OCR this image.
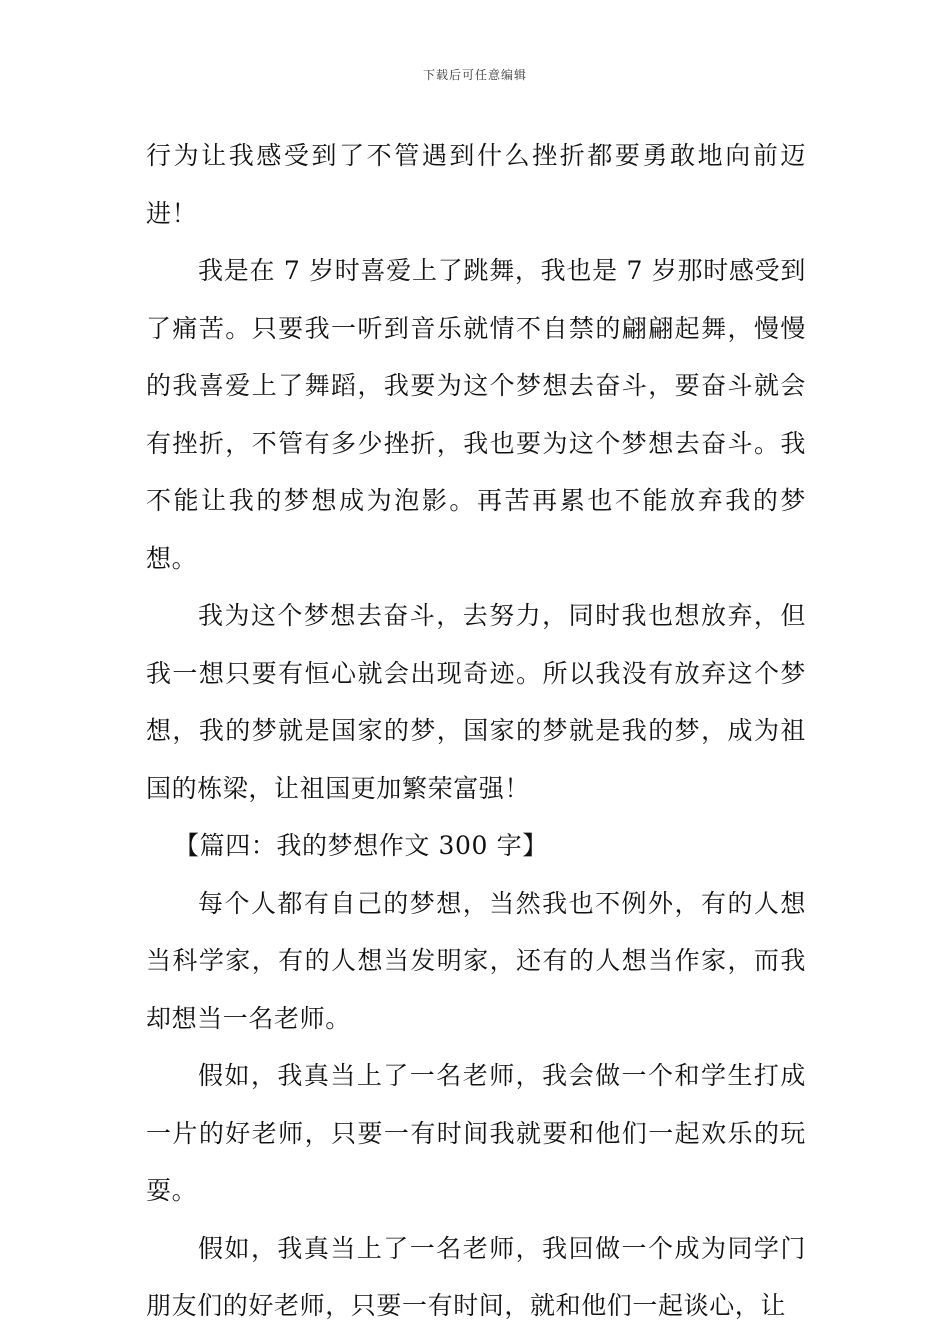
下载后可任意编辑

行为让我感受到了不管遇到什么挫折都要勇敢地向前迈进！

我是在 7 岁时喜爱上了跳舞，我也是 7 岁那时感受到了痛苦。只要我一听到音乐就情不自禁的翩翩起舞，慢慢的我喜爱上了舞蹈，我要为这个梦想去奋斗，要奋斗就会有挫折，不管有多少挫折，我也要为这个梦想去奋斗。我不能让我的梦想成为泡影。再苦再累也不能放弃我的梦想。

我为这个梦想去奋斗，去努力，同时我也想放弃，但我一想只要有恒心就会出现奇迹。所以我没有放弃这个梦想，我的梦就是国家的梦，国家的梦就是我的梦，成为祖国的栋梁，让祖国更加繁荣富强！

【篇四：我的梦想作文 300 字】

每个人都有自己的梦想，当然我也不例外，有的人想当科学家，有的人想当发明家，还有的人想当作家，而我却想当一名老师。

假如，我真当上了一名老师，我会做一个和学生打成一片的好老师，只要一有时间我就要和他们一起欢乐的玩耍。

假如，我真当上了一名老师，我回做一个成为同学门朋友们的好老师，只要一有时间，就和他们一起谈心，让
